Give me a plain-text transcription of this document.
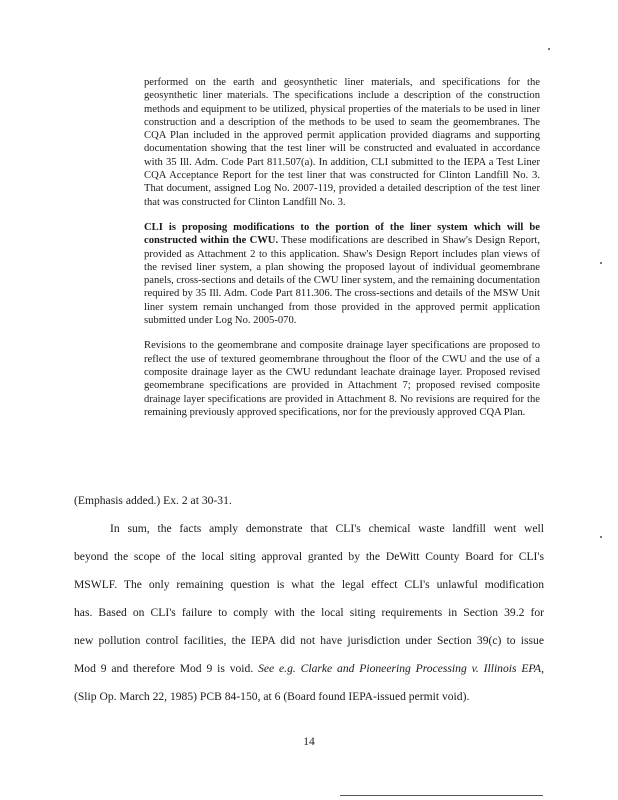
performed on the earth and geosynthetic liner materials, and specifications for the geosynthetic liner materials. The specifications include a description of the construction methods and equipment to be utilized, physical properties of the materials to be used in liner construction and a description of the methods to be used to seam the geomembranes. The CQA Plan included in the approved permit application provided diagrams and supporting documentation showing that the test liner will be constructed and evaluated in accordance with 35 Ill. Adm. Code Part 811.507(a). In addition, CLI submitted to the IEPA a Test Liner CQA Acceptance Report for the test liner that was constructed for Clinton Landfill No. 3. That document, assigned Log No. 2007-119, provided a detailed description of the test liner that was constructed for Clinton Landfill No. 3.

CLI is proposing modifications to the portion of the liner system which will be constructed within the CWU. These modifications are described in Shaw's Design Report, provided as Attachment 2 to this application. Shaw's Design Report includes plan views of the revised liner system, a plan showing the proposed layout of individual geomembrane panels, cross-sections and details of the CWU liner system, and the remaining documentation required by 35 Ill. Adm. Code Part 811.306. The cross-sections and details of the MSW Unit liner system remain unchanged from those provided in the approved permit application submitted under Log No. 2005-070.

Revisions to the geomembrane and composite drainage layer specifications are proposed to reflect the use of textured geomembrane throughout the floor of the CWU and the use of a composite drainage layer as the CWU redundant leachate drainage layer. Proposed revised geomembrane specifications are provided in Attachment 7; proposed revised composite drainage layer specifications are provided in Attachment 8. No revisions are required for the remaining previously approved specifications, nor for the previously approved CQA Plan.

(Emphasis added.) Ex. 2 at 30-31.
In sum, the facts amply demonstrate that CLI's chemical waste landfill went well
beyond the scope of the local siting approval granted by the DeWitt County Board for CLI's
MSWLF. The only remaining question is what the legal effect CLI's unlawful modification
has. Based on CLI's failure to comply with the local siting requirements in Section 39.2 for
new pollution control facilities, the IEPA did not have jurisdiction under Section 39(c) to issue
Mod 9 and therefore Mod 9 is void. See e.g. Clarke and Pioneering Processing v. Illinois EPA,
(Slip Op. March 22, 1985) PCB 84-150, at 6 (Board found IEPA-issued permit void).
14
